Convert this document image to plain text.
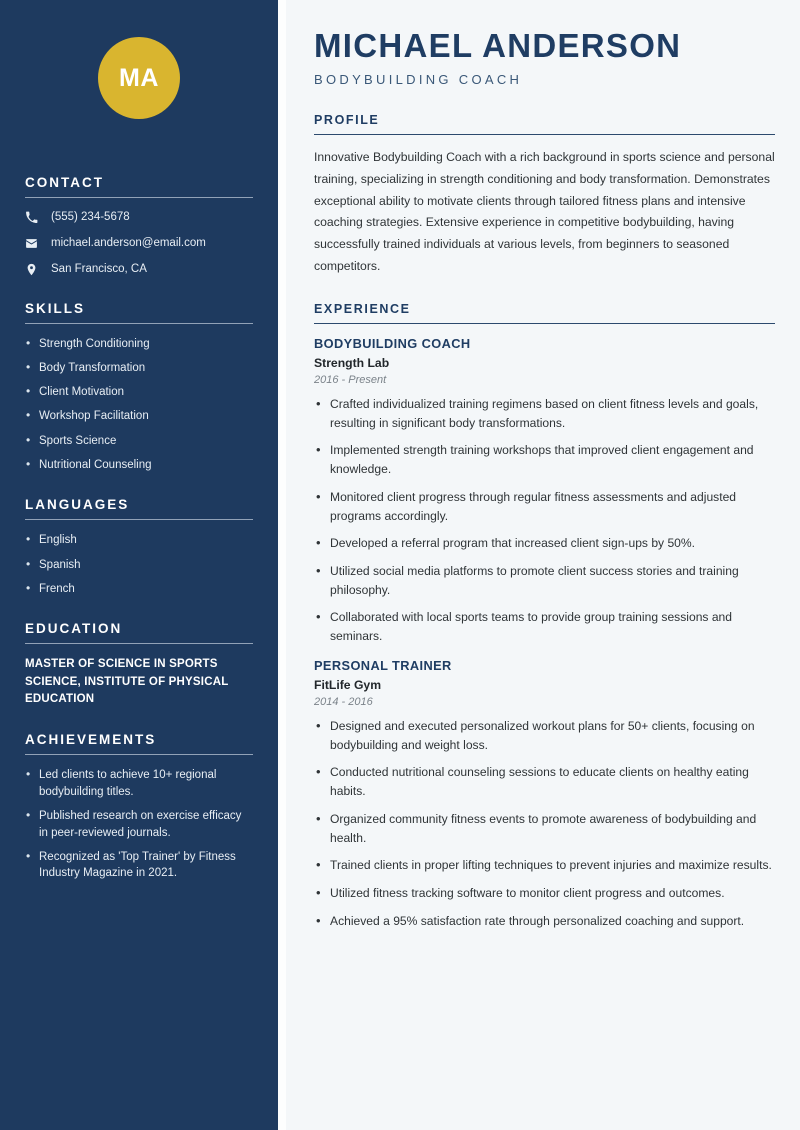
MA
CONTACT
(555) 234-5678
michael.anderson@email.com
San Francisco, CA
SKILLS
• Strength Conditioning
• Body Transformation
• Client Motivation
• Workshop Facilitation
• Sports Science
• Nutritional Counseling
LANGUAGES
• English
• Spanish
• French
EDUCATION
MASTER OF SCIENCE IN SPORTS SCIENCE, INSTITUTE OF PHYSICAL EDUCATION
ACHIEVEMENTS
• Led clients to achieve 10+ regional bodybuilding titles.
• Published research on exercise efficacy in peer-reviewed journals.
• Recognized as 'Top Trainer' by Fitness Industry Magazine in 2021.
MICHAEL ANDERSON
BODYBUILDING COACH
PROFILE

Innovative Bodybuilding Coach with a rich background in sports science and personal training, specializing in strength conditioning and body transformation. Demonstrates exceptional ability to motivate clients through tailored fitness plans and intensive coaching strategies. Extensive experience in competitive bodybuilding, having successfully trained individuals at various levels, from beginners to seasoned competitors.

EXPERIENCE
BODYBUILDING COACH
Strength Lab
2016 - Present
• Crafted individualized training regimens based on client fitness levels and goals, resulting in significant body transformations.
• Implemented strength training workshops that improved client engagement and knowledge.
• Monitored client progress through regular fitness assessments and adjusted programs accordingly.
• Developed a referral program that increased client sign-ups by 50%.
• Utilized social media platforms to promote client success stories and training philosophy.
• Collaborated with local sports teams to provide group training sessions and seminars.
PERSONAL TRAINER
FitLife Gym
2014 - 2016
• Designed and executed personalized workout plans for 50+ clients, focusing on bodybuilding and weight loss.
• Conducted nutritional counseling sessions to educate clients on healthy eating habits.
• Organized community fitness events to promote awareness of bodybuilding and health.
• Trained clients in proper lifting techniques to prevent injuries and maximize results.
• Utilized fitness tracking software to monitor client progress and outcomes.
• Achieved a 95% satisfaction rate through personalized coaching and support.
